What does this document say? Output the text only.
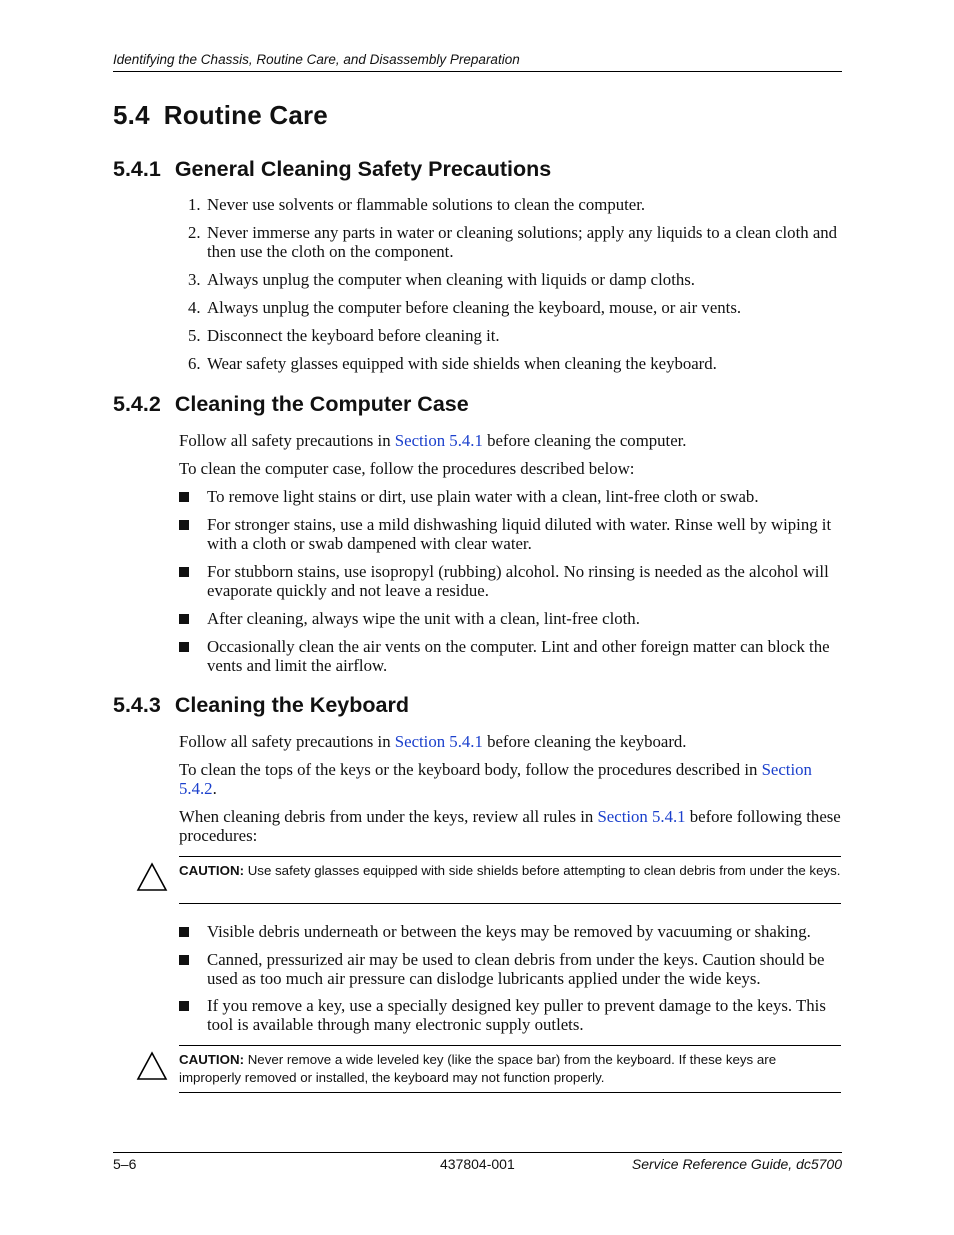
Identifying the Chassis, Routine Care, and Disassembly Preparation
5.4 Routine Care
5.4.1 General Cleaning Safety Precautions
1. Never use solvents or flammable solutions to clean the computer.
2. Never immerse any parts in water or cleaning solutions; apply any liquids to a clean cloth and then use the cloth on the component.
3. Always unplug the computer when cleaning with liquids or damp cloths.
4. Always unplug the computer before cleaning the keyboard, mouse, or air vents.
5. Disconnect the keyboard before cleaning it.
6. Wear safety glasses equipped with side shields when cleaning the keyboard.
5.4.2 Cleaning the Computer Case
Follow all safety precautions in Section 5.4.1 before cleaning the computer.
To clean the computer case, follow the procedures described below:
To remove light stains or dirt, use plain water with a clean, lint-free cloth or swab.
For stronger stains, use a mild dishwashing liquid diluted with water. Rinse well by wiping it with a cloth or swab dampened with clear water.
For stubborn stains, use isopropyl (rubbing) alcohol. No rinsing is needed as the alcohol will evaporate quickly and not leave a residue.
After cleaning, always wipe the unit with a clean, lint-free cloth.
Occasionally clean the air vents on the computer. Lint and other foreign matter can block the vents and limit the airflow.
5.4.3 Cleaning the Keyboard
Follow all safety precautions in Section 5.4.1 before cleaning the keyboard.
To clean the tops of the keys or the keyboard body, follow the procedures described in Section
5.4.2.
When cleaning debris from under the keys, review all rules in Section 5.4.1 before following these procedures:
CAUTION: Use safety glasses equipped with side shields before attempting to clean debris from under the keys.
Visible debris underneath or between the keys may be removed by vacuuming or shaking.
Canned, pressurized air may be used to clean debris from under the keys. Caution should be used as too much air pressure can dislodge lubricants applied under the wide keys.
If you remove a key, use a specially designed key puller to prevent damage to the keys. This tool is available through many electronic supply outlets.
CAUTION: Never remove a wide leveled key (like the space bar) from the keyboard. If these keys are improperly removed or installed, the keyboard may not function properly.
5–6	437804-001	Service Reference Guide, dc5700
